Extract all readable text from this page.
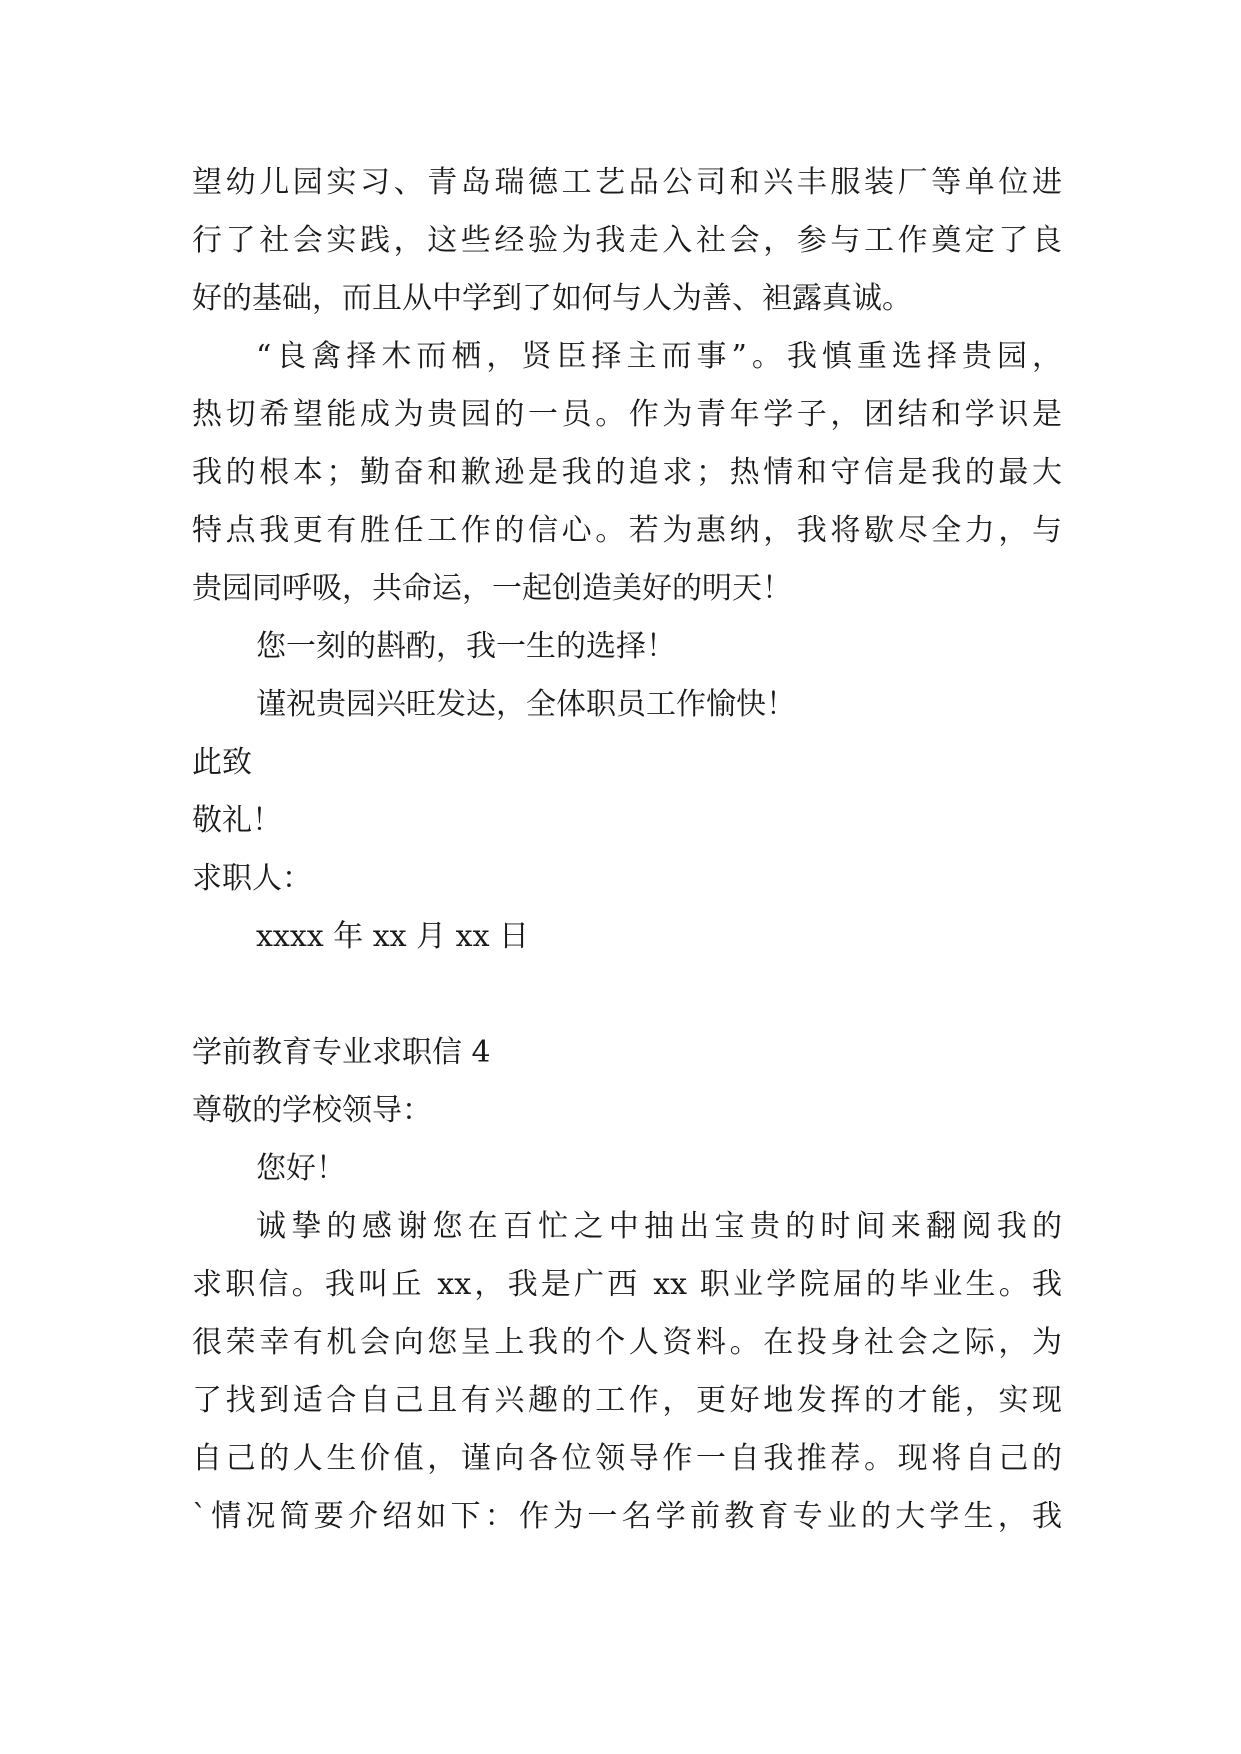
望幼儿园实习、青岛瑞德工艺品公司和兴丰服装厂等单位进
行了社会实践，这些经验为我走入社会，参与工作奠定了良
好的基础，而且从中学到了如何与人为善、袒露真诚。
“良禽择木而栖，贤臣择主而事”。我慎重选择贵园，
热切希望能成为贵园的一员。作为青年学子，团结和学识是
我的根本；勤奋和歉逊是我的追求；热情和守信是我的最大
特点我更有胜任工作的信心。若为惠纳，我将歇尽全力，与
贵园同呼吸，共命运，一起创造美好的明天！
您一刻的斟酌，我一生的选择！
谨祝贵园兴旺发达，全体职员工作愉快！
此致
敬礼！
求职人：
xxxx 年 xx 月 xx 日
学前教育专业求职信 4
尊敬的学校领导：
您好！
诚挚的感谢您在百忙之中抽出宝贵的时间来翻阅我的
求职信。我叫丘 xx，我是广西 xx 职业学院届的毕业生。我
很荣幸有机会向您呈上我的个人资料。在投身社会之际，为
了找到适合自己且有兴趣的工作，更好地发挥的才能，实现
自己的人生价值，谨向各位领导作一自我推荐。现将自己的
`情况简要介绍如下：作为一名学前教育专业的大学生，我
